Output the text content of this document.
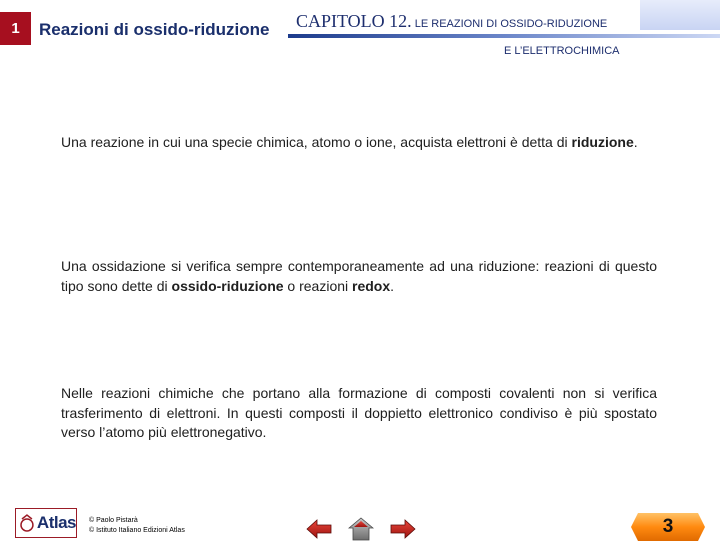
1 Reazioni di ossido-riduzione	CAPITOLO 12. LE REAZIONI DI OSSIDO-RIDUZIONE
E L’ELETTROCHIMICA
Una reazione in cui una specie chimica, atomo o ione, acquista elettroni è detta di riduzione.
Una ossidazione si verifica sempre contemporaneamente ad una riduzione: reazioni di questo tipo sono dette di ossido-riduzione o reazioni redox.
Nelle reazioni chimiche che portano alla formazione di composti covalenti non si verifica trasferimento di elettroni. In questi composti il doppietto elettronico condiviso è più spostato verso l’atomo più elettronegativo.
Atlas © Paolo Pistarà
© Istituto Italiano Edizioni Atlas	3
